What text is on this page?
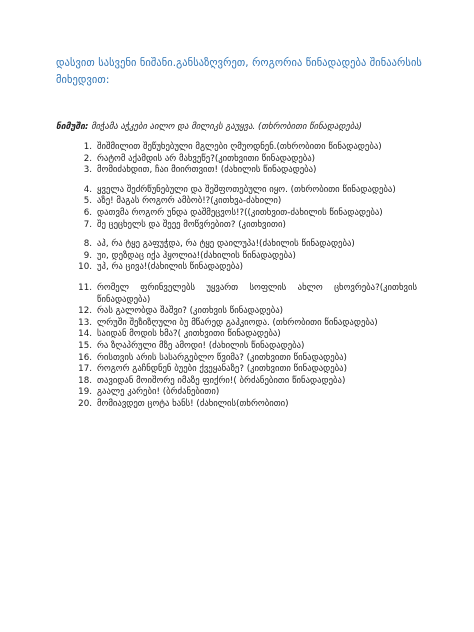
დასვით სასვენი ნიშანი.განსაზღვრეთ, როგორია წინადადება შინაარსის მიხედვით:
ნიმუში: მიჭამა აჭკები აილო და მილიკს გაუყვა. (თხრობითი წინადადება)
1. შიშმილით შეწუხებული მგლები ღმუოდნენ.(თხრობითი წინადადება)
2. რატომ აქამდის არ მახვეწე?(კითხვითი წინადადება)
3. მომიძახდით, ჩაი მიირთვით! (ძახილის წინადადება)
4. ყველა შეძრწუნებული და შეშფოთებული იყო. (თხრობითი წინადადება)
5. აზე! მაგას როგორ ამბობ!?(კითხვა-ძახილი)
6. დათვმა როგორ უნდა დაშმეცვოს!?((კითხვით-ძახილის წინადადება)
7. შე ცეცხელს და შეეე მოწვრებით? (კითხვითი)
8. აჰ, რა ტყე გაფუჭდა, რა ტყე დაილუპა!(ძახილის წინადადება)
9. უი, დეზდაც იქა ჰყოლია!(ძახილის წინადადება)
10. უჰ, რა ცივა!(ძახილის წინადადება)
11. რომელ ფრინველებს უყვართ სოფლის ახლო ცხოვრება?(კითხვის წინადადება)
12. რას გალობდა შაშვი? (კითხვის წინადადება)
13. ლრუში შეზიზღული ბუ მწარედ გაჰკიოდა. (თხრობითი წინადადება)
14. საიდან მოდის ხმა?( კითხვითი წინადადება)
15. რა ზღაპრული მზე ამოდი! (ძახილის წინადადება)
16. რისთვის არის სასარგებლო წვიმა? (კითხვითი წინადადება)
17. როგორ გაჩნდნენ ბუები ქვეყანაზე? (კითხვითი წინადადება)
18. თავიდან მოიშორე იმაზე ფიქრი!( ბრძანებითი წინადადება)
19. გაალე კარები! (ბრძანებითი)
20. მომიავდეთ ცოტა ხანს! (ძახილის(თხრობითი)
